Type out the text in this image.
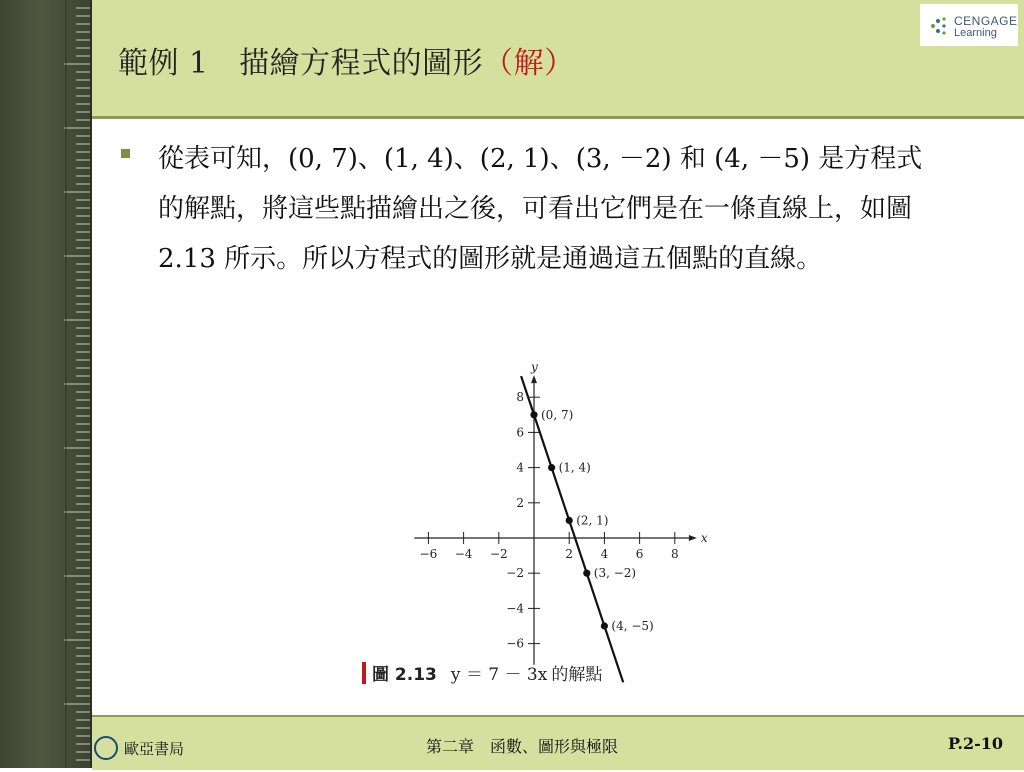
範例 1　描繪方程式的圖形（解）
CENGAGE
Learning
從表可知，(0, 7)、(1, 4)、(2, 1)、(3, －2) 和 (4, －5) 是方程式的解點，將這些點描繪出之後，可看出它們是在一條直線上，如圖 2.13 所示。所以方程式的圖形就是通過這五個點的直線。
x
y
−6 −4 −2	2 4 6 8
8
6
4
2
−2
−4
−6
(0, 7)
(1, 4)
(2, 1)
(3, −2)
(4, −5)
圖 2.13 y ＝ 7 － 3x 的解點
歐亞書局	第二章　函數、圖形與極限	P.2-10
